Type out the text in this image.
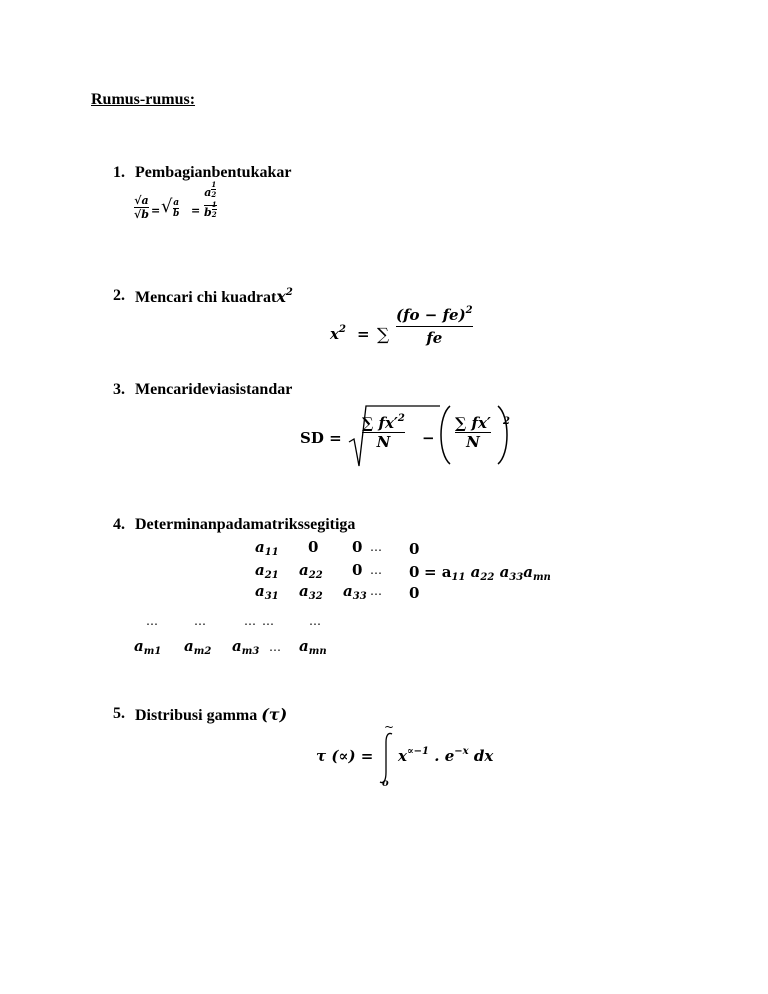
Rumus-rumus:
1. Pembagianbentukakar
√a
√b = √ a
b =
a $\frac{1}{2}$
b $\frac{1}{2}$
2. Mencari chi kuadratx$^2$
$x^2$ = ∑
(fo − fe)$^2$
fe
3. Mencarideviasistandar
SD =
∑ $fx'^2$
N −
∑ fx′
N
2
4. Determinanpadamatrikssegitiga
$a_{11}$ 0 0 … 0
$a_{21}$ $a_{22}$ 0 … $0 = a_{11}$ $a_{22}$ $a_{33}a_{mn}$
$a_{31}$ $a_{32}$ $a_{33}$ … 0
…	…	… …	…
$a_{m1}$ $a_{m2}$ $a_{m3}$ … $a_{mn}$
5. Distribusi gamma (τ)
τ (∝) =
~
o
$x^{\propto-1}$ . $e^{-x}$ dx
